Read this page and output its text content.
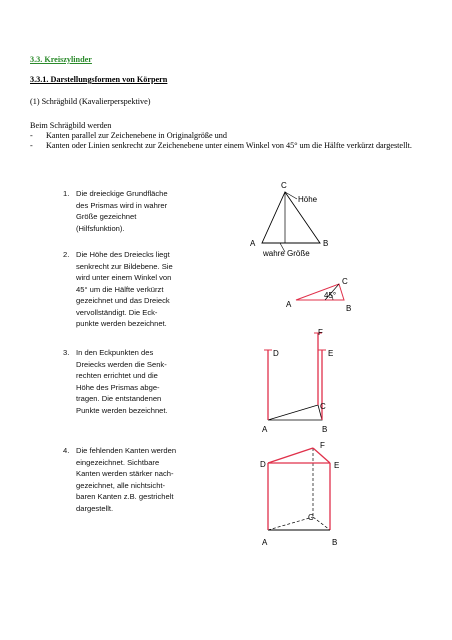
3.3. Kreiszylinder
3.3.1. Darstellungsformen von Körpern
(1) Schrägbild (Kavalierperspektive)
Beim Schrägbild werden
- Kanten parallel zur Zeichenebene in Originalgröße und
- Kanten oder Linien senkrecht zur Zeichenebene unter einem Winkel von 45° um die Hälfte verkürzt dargestellt.
1. Die dreieckige Grundfläche
des Prismas wird in wahrer
Größe gezeichnet
(Hilfsfunktion).
2. Die Höhe des Dreiecks liegt
senkrecht zur Bildebene. Sie
wird unter einem Winkel von
45° um die Hälfte verkürzt
gezeichnet und das Dreieck
vervollständigt. Die Eck-
punkte werden bezeichnet.
3. In den Eckpunkten des
Dreiecks werden die Senk-
rechten errichtet und die
Höhe des Prismas abge-
tragen. Die entstandenen
Punkte werden bezeichnet.
4. Die fehlenden Kanten werden
eingezeichnet. Sichtbare
Kanten werden stärker nach-
gezeichnet, alle nichtsicht-
baren Kanten z.B. gestrichelt
dargestellt.
C
Höhe
A	B
wahre Größe
C
45°
A	B
D
F
E
C
A	B
F
D	E
C
A	B
